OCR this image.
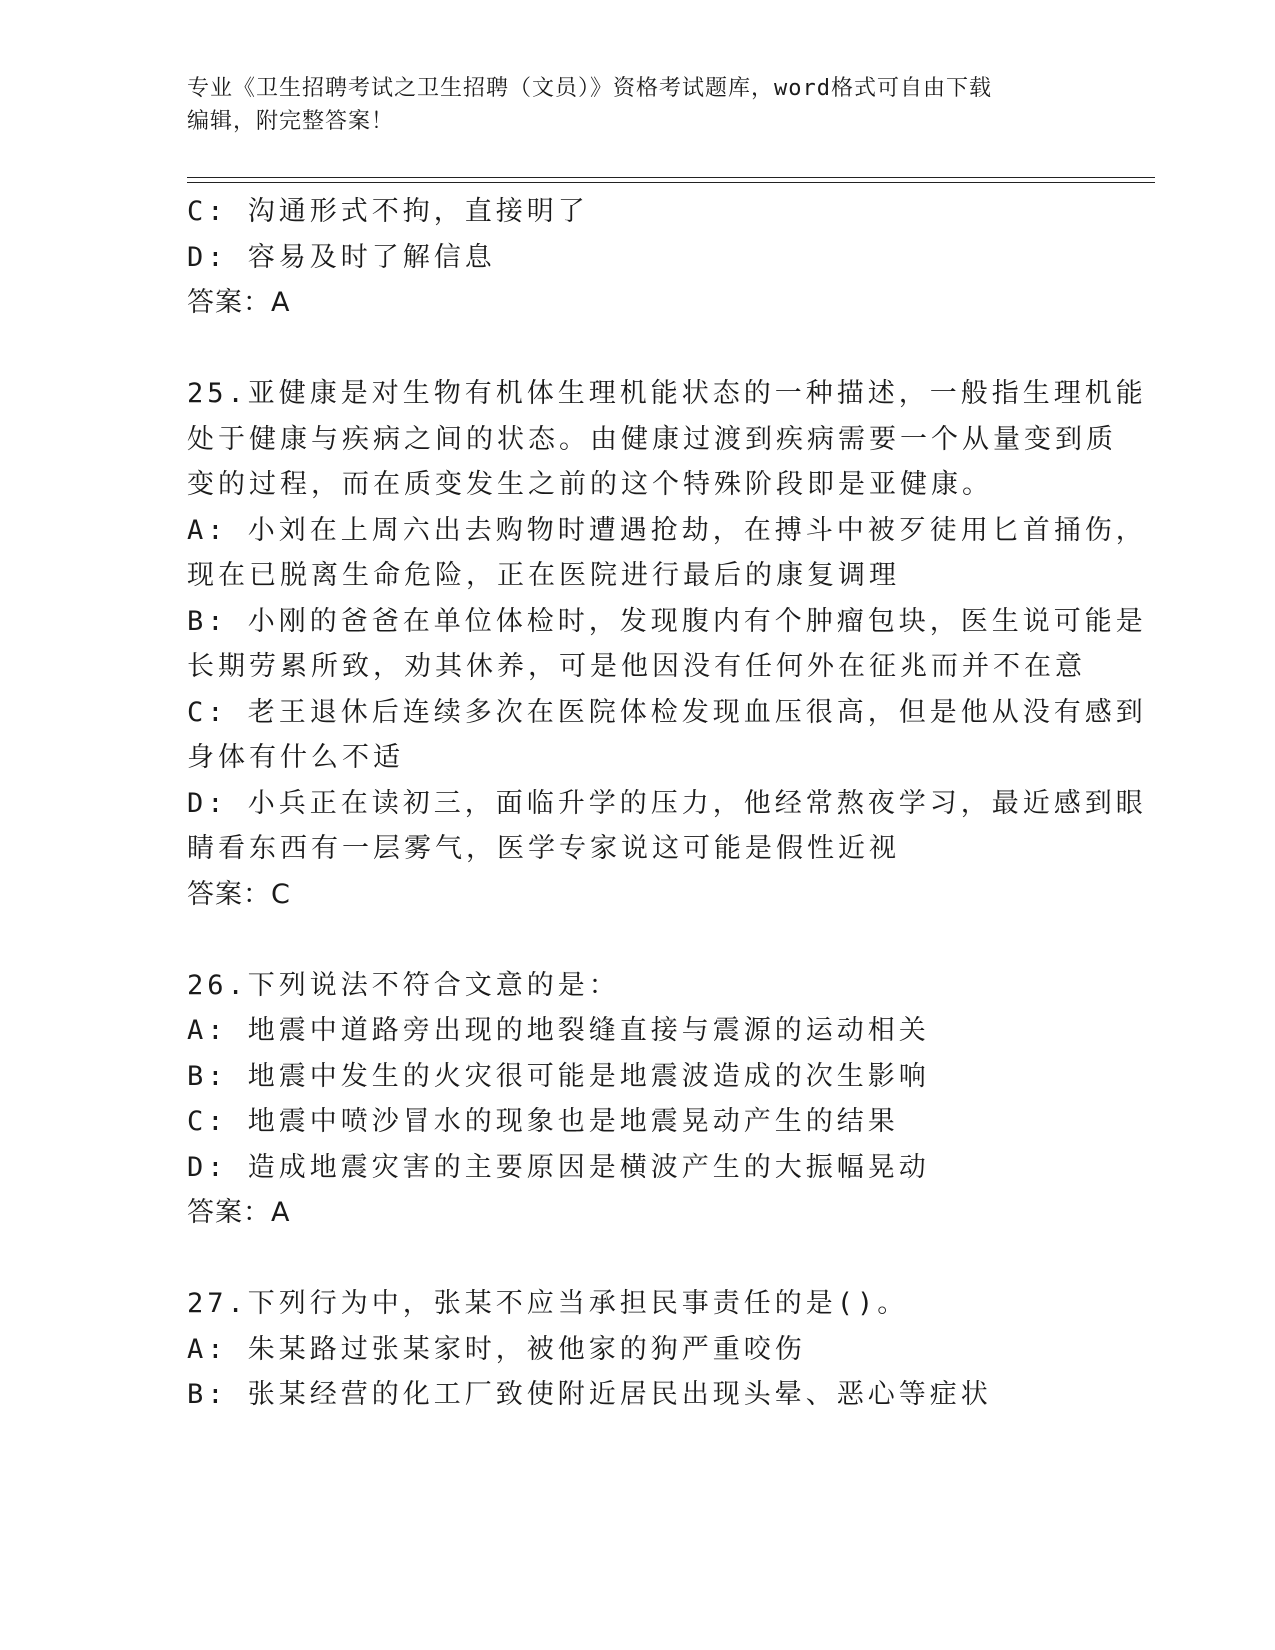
专业《卫生招聘考试之卫生招聘（文员）》资格考试题库，word格式可自由下载
编辑，附完整答案！
C: 沟通形式不拘，直接明了
D: 容易及时了解信息
答案：A
25.亚健康是对生物有机体生理机能状态的一种描述，一般指生理机能
处于健康与疾病之间的状态。由健康过渡到疾病需要一个从量变到质
变的过程，而在质变发生之前的这个特殊阶段即是亚健康。
A: 小刘在上周六出去购物时遭遇抢劫，在搏斗中被歹徒用匕首捅伤，
现在已脱离生命危险，正在医院进行最后的康复调理
B: 小刚的爸爸在单位体检时，发现腹内有个肿瘤包块，医生说可能是
长期劳累所致，劝其休养，可是他因没有任何外在征兆而并不在意
C: 老王退休后连续多次在医院体检发现血压很高，但是他从没有感到
身体有什么不适
D: 小兵正在读初三，面临升学的压力，他经常熬夜学习，最近感到眼
睛看东西有一层雾气，医学专家说这可能是假性近视
答案：C
26.下列说法不符合文意的是：
A: 地震中道路旁出现的地裂缝直接与震源的运动相关
B: 地震中发生的火灾很可能是地震波造成的次生影响
C: 地震中喷沙冒水的现象也是地震晃动产生的结果
D: 造成地震灾害的主要原因是横波产生的大振幅晃动
答案：A
27.下列行为中，张某不应当承担民事责任的是()。
A: 朱某路过张某家时，被他家的狗严重咬伤
B: 张某经营的化工厂致使附近居民出现头晕、恶心等症状
